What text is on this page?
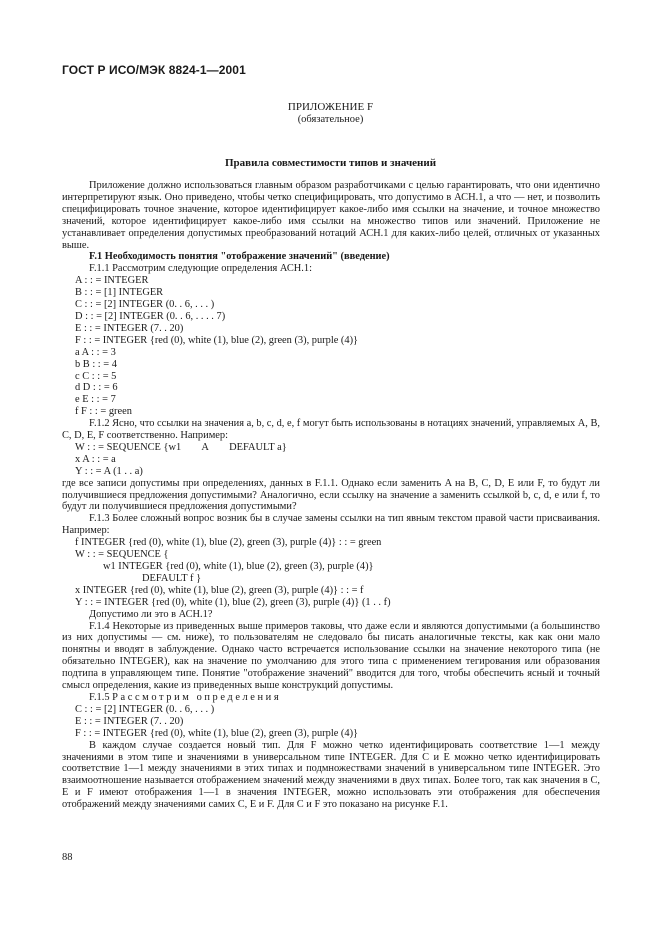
ГОСТ Р ИСО/МЭК 8824-1—2001
ПРИЛОЖЕНИЕ F
(обязательное)
Правила совместимости типов и значений

Приложение должно использоваться главным образом разработчиками с целью гарантировать, что они идентично интерпретируют язык. Оно приведено, чтобы четко специфицировать, что допустимо в АСН.1, а что — нет, и позволить специфицировать точное значение, которое идентифицирует какое-либо имя ссылки на значение, и точное множество значений, которое идентифицирует какое-либо имя ссылки на множество типов или значений. Приложение не устанавливает определения допустимых преобразований нотаций АСН.1 для каких-либо целей, отличных от указанных выше.

F.1 Необходимость понятия "отображение значений" (введение)
F.1.1 Рассмотрим следующие определения АСН.1:
A : : = INTEGER
B : : = [1] INTEGER
C : : = [2] INTEGER (0. . 6, . . . )
D : : = [2] INTEGER (0. . 6, . . . . 7)
E : : = INTEGER (7. . 20)
F : : = INTEGER {red (0), white (1), blue (2), green (3), purple (4)}
a A : : = 3
b B : : = 4
c C : : = 5
d D : : = 6
e E : : = 7
f F : : = green

F.1.2 Ясно, что ссылки на значения a, b, c, d, e, f могут быть использованы в нотациях значений, управляемых A, B, C, D, E, F соответственно. Например:

W : : = SEQUENCE {w1        A        DEFAULT a}
x A : : = a
Y : : = A (1 . . a)

где все записи допустимы при определениях, данных в F.1.1. Однако если заменить A на B, C, D, E или F, то будут ли получившиеся предложения допустимыми? Аналогично, если ссылку на значение a заменить ссылкой b, c, d, e или f, то будут ли получившиеся предложения допустимыми?

F.1.3 Более сложный вопрос возник бы в случае замены ссылки на тип явным текстом правой части присваивания. Например:

f INTEGER {red (0), white (1), blue (2), green (3), purple (4)} : : = green
W : : = SEQUENCE {
w1 INTEGER {red (0), white (1), blue (2), green (3), purple (4)}
DEFAULT f }
x INTEGER {red (0), white (1), blue (2), green (3), purple (4)} : : = f
Y : : = INTEGER {red (0), white (1), blue (2), green (3), purple (4)} (1 . . f)
Допустимо ли это в АСН.1?

F.1.4 Некоторые из приведенных выше примеров таковы, что даже если и являются допустимыми (а большинство из них допустимы — см. ниже), то пользователям не следовало бы писать аналогичные тексты, как как они мало понятны и вводят в заблуждение. Однако часто встречается использование ссылки на значение некоторого типа (не обязательно INTEGER), как на значение по умолчанию для этого типа с применением тегирования или образования подтипа в управляющем типе. Понятие "отображение значений" вводится для того, чтобы обеспечить ясный и точный смысл определения, какие из приведенных выше конструкций допустимы.

F.1.5 Рассмотрим определения
C : : = [2] INTEGER (0. . 6, . . . )
E : : = INTEGER (7. . 20)
F : : = INTEGER {red (0), white (1), blue (2), green (3), purple (4)}

В каждом случае создается новый тип. Для F можно четко идентифицировать соответствие 1—1 между значениями в этом типе и значениями в универсальном типе INTEGER. Для C и E можно четко идентифицировать соответствие 1—1 между значениями в этих типах и подмножествами значений в универсальном типе INTEGER. Это взаимоотношение называется отображением значений между значениями в двух типах. Более того, так как значения в C, E и F имеют отображения 1—1 в значения INTEGER, можно использовать эти отображения для обеспечения отображений между значениями самих C, E и F. Для C и F это показано на рисунке F.1.

88
